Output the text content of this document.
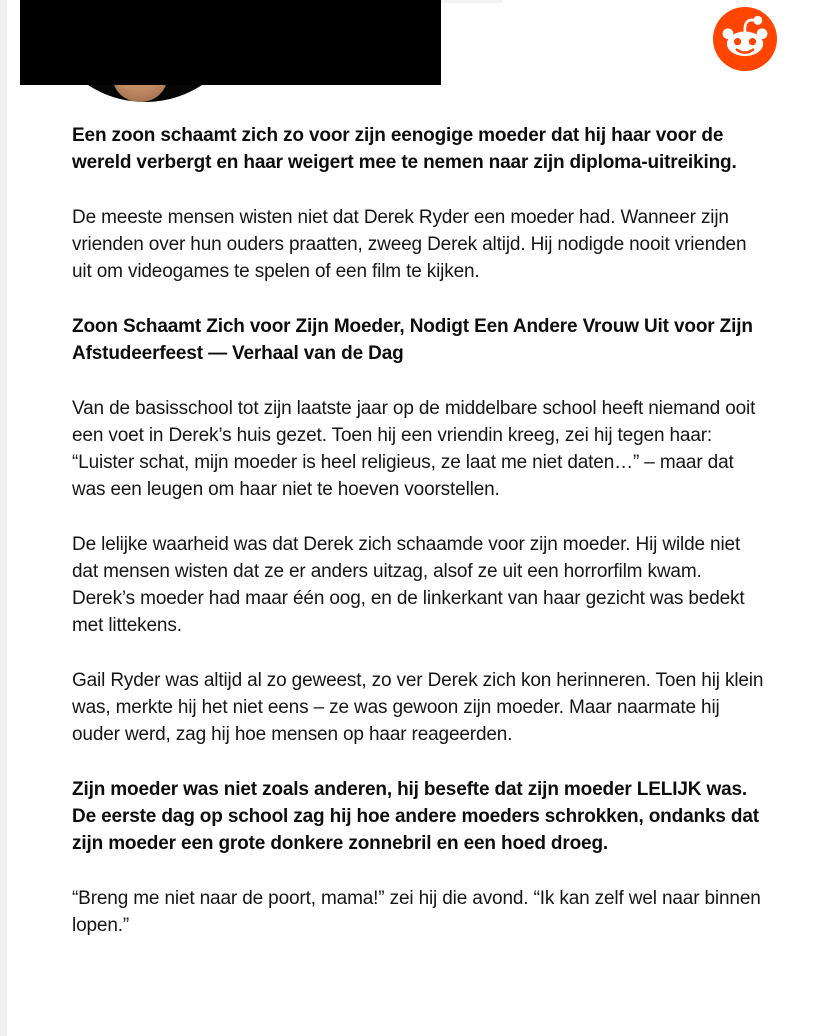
Een zoon schaamt zich zo voor zijn eenogige moeder dat hij haar voor de wereld verbergt en haar weigert mee te nemen naar zijn diploma-uitreiking.

De meeste mensen wisten niet dat Derek Ryder een moeder had. Wanneer zijn vrienden over hun ouders praatten, zweeg Derek altijd. Hij nodigde nooit vrienden uit om videogames te spelen of een film te kijken.

Zoon Schaamt Zich voor Zijn Moeder, Nodigt Een Andere Vrouw Uit voor Zijn Afstudeerfeest — Verhaal van de Dag

Van de basisschool tot zijn laatste jaar op de middelbare school heeft niemand ooit een voet in Derek’s huis gezet. Toen hij een vriendin kreeg, zei hij tegen haar: “Luister schat, mijn moeder is heel religieus, ze laat me niet daten…” – maar dat was een leugen om haar niet te hoeven voorstellen.

De lelijke waarheid was dat Derek zich schaamde voor zijn moeder. Hij wilde niet dat mensen wisten dat ze er anders uitzag, alsof ze uit een horrorfilm kwam. Derek’s moeder had maar één oog, en de linkerkant van haar gezicht was bedekt met littekens.

Gail Ryder was altijd al zo geweest, zo ver Derek zich kon herinneren. Toen hij klein was, merkte hij het niet eens – ze was gewoon zijn moeder. Maar naarmate hij ouder werd, zag hij hoe mensen op haar reageerden.

Zijn moeder was niet zoals anderen, hij besefte dat zijn moeder LELIJK was. De eerste dag op school zag hij hoe andere moeders schrokken, ondanks dat zijn moeder een grote donkere zonnebril en een hoed droeg.

“Breng me niet naar de poort, mama!” zei hij die avond. “Ik kan zelf wel naar binnen lopen.”
